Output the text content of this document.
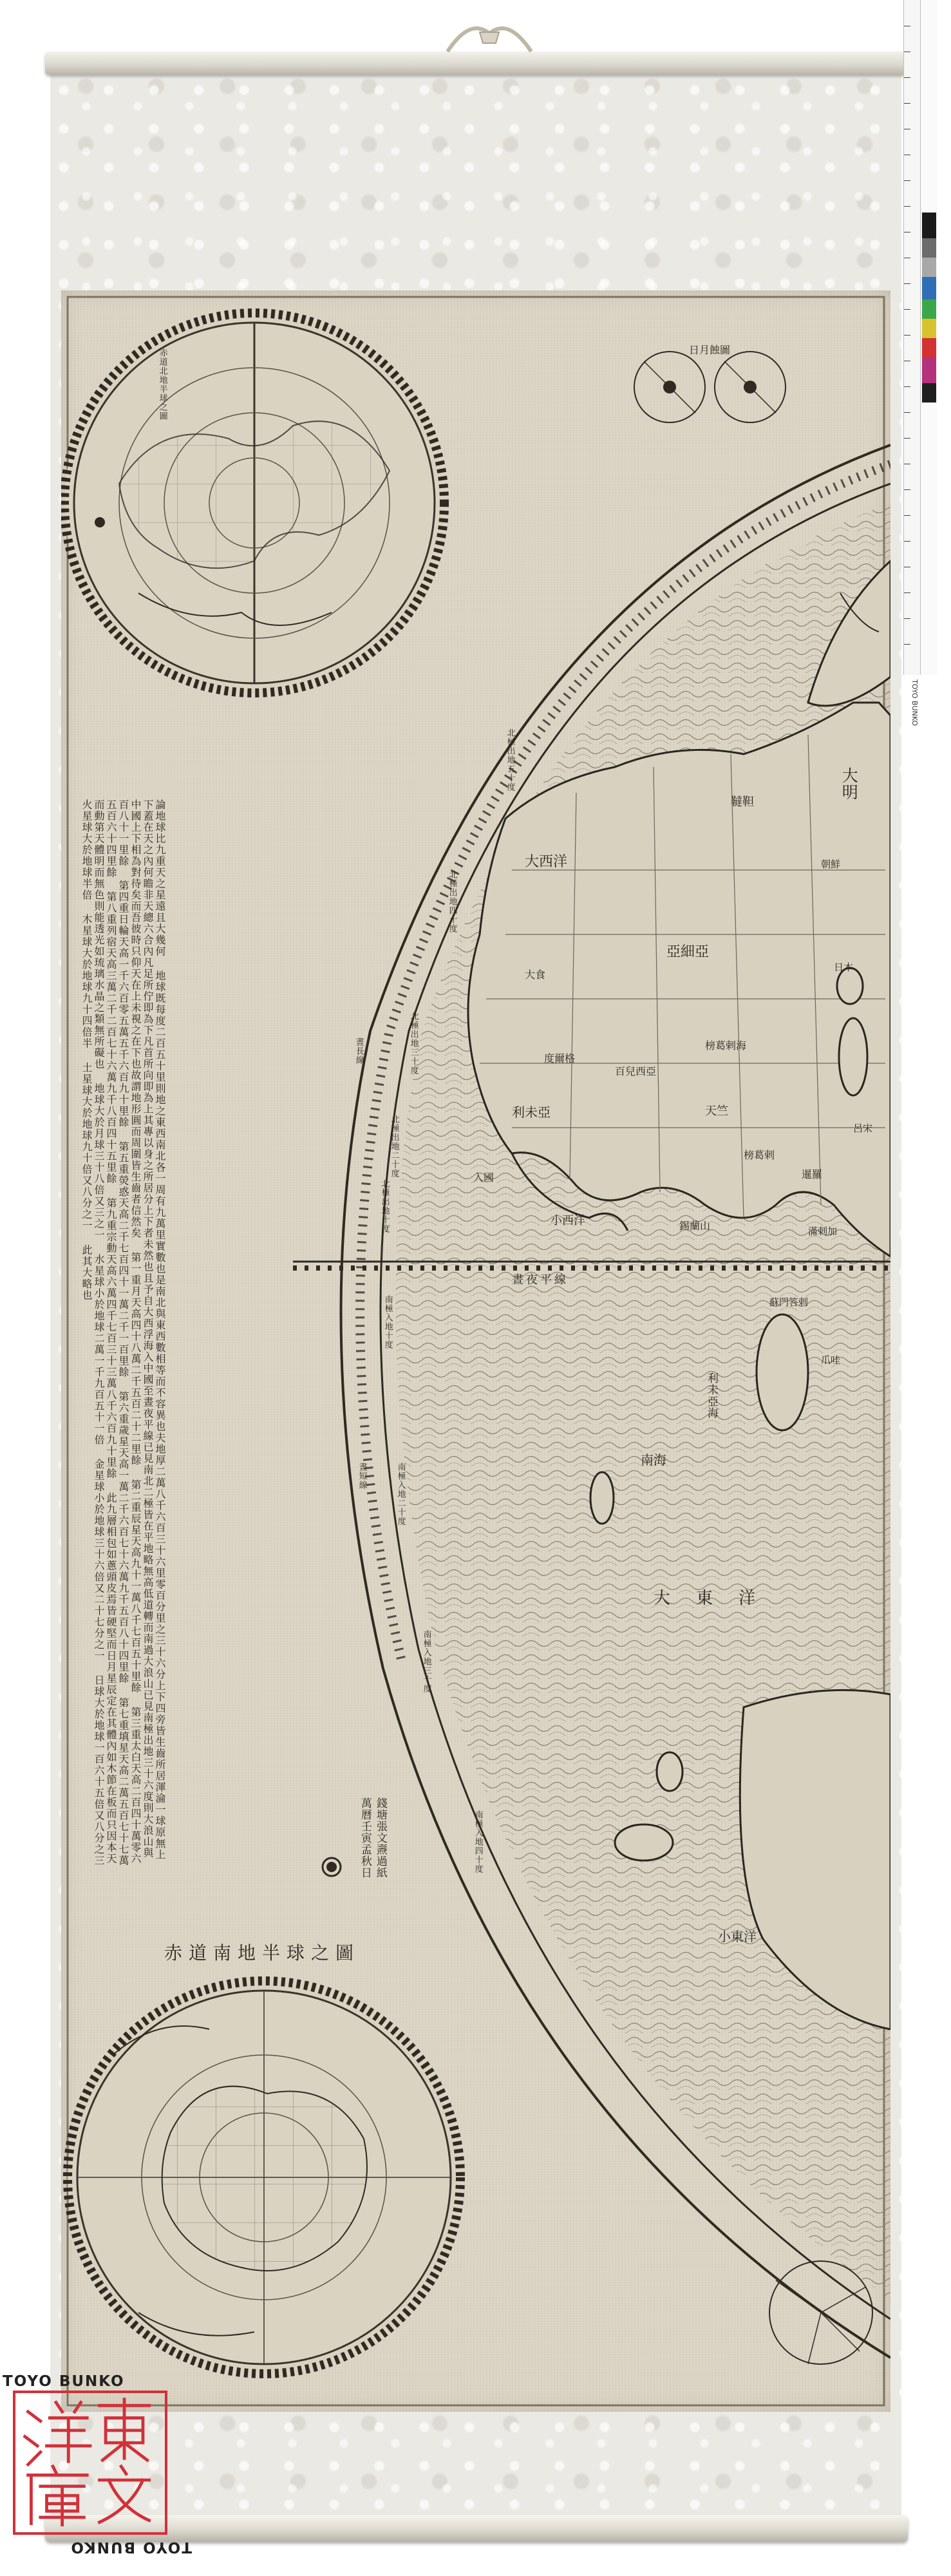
論地球比九重天之星遠且大幾何 地球既每度二百五十里則地之東西南北各一周有九萬里實數也是南北與東西數相等而不容異也夫地厚二萬八千六百三十六里零百分里之三十六分上下四旁皆生齒所居渾淪一球原無上下蓋在天之內何瞻非天總六合內凡足所佇即為下凡首所向即為上其專以身之所居分上下者未然也且予自大西浮海入中國至晝夜平線已見南北二極皆在平地略無高低道轉而南過大浪山已見南極出地三十六度則大浪山與中國上下相為對待矣而吾彼時只仰天在上未視之在下也故謂地形圓而周圍皆生齒者信然矣 第一重月天高四十八萬二千五百二十二里餘 第二重辰星天高九十一萬八千七百五十里餘 第三重太白天高二百四十萬零六百八十一里餘 第四重日輪天高一千六百零五萬五千六百九十里餘 第五重熒惑天高二千七百四十一萬二千一百里餘 第六重歲星天高一萬二千六百七十六萬九千五百八十四里餘 第七重填星天高二萬五百七十七萬五百六十四里餘 第八重列宿天高三萬二千二百七十六萬九千八百四十五里餘 第九重宗動天高六萬四千七百三十三萬八千六百九十里餘 此九層相包如蔥頭皮焉皆硬堅而日月星辰定在其體內如木節在板而只因本天而動第天體明而無色則能透光如琉璃水晶之類無所礙也 地球大於月球三十八倍又三之一 水星球小於地球二萬一千九百五十一倍 金星球小於地球三十六倍又二十七分之一 日球大於地球一百六十五倍又八分之三 火星球大於地球半倍 木星球大於地球九十四倍半 土星球大於地球九十倍又八分之一 此其大略也

赤道南地半球之圖
錢塘張文燾過紙
萬曆壬寅孟秋日
日月蝕圖
晝夜平線
北極出地五十度
北極出地四十度
北極出地三十度
北極出地二十度
北極出地十度
南極入地十度
南極入地二十度
南極入地三十度
南極入地四十度
晝長線
晝短線
大明
大西洋
小西洋
亞細亞
利未亞
度爾格
百兒西亞
天竺
榜葛剌
錫蘭山
暹羅
滿剌加
蘇門答剌
爪哇
呂宋
日本
朝鮮
韃靼
大食
入國
大東洋
小東洋
南海
利未亞海
榜葛剌海
赤道北地半球之圖
TOYO BUNKO
TOYO BUNKO
TOYO BUNKO
